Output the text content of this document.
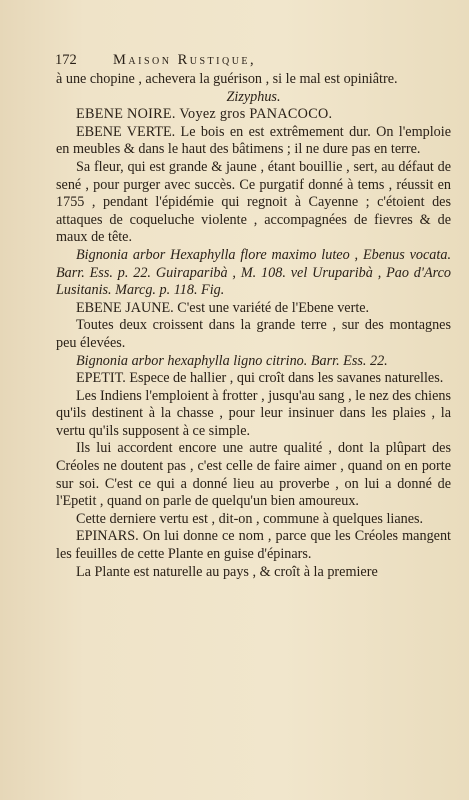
172	Maison Rustique,

à une chopine , achevera la guérison , si le mal est opiniâtre.

Zizyphus.

EBENE NOIRE. Voyez gros PANACOCO.

EBENE VERTE. Le bois en est extrêmement dur. On l'emploie en meubles & dans le haut des bâtimens ; il ne dure pas en terre.

Sa fleur, qui est grande & jaune , étant bouillie , sert, au défaut de sené , pour purger avec succès. Ce purgatif donné à tems , réussit en 1755 , pendant l'épidémie qui regnoit à Cayenne ; c'étoient des attaques de coqueluche violente , accompagnées de fievres & de maux de tête.

Bignonia arbor Hexaphylla flore maximo luteo , Ebenus vocata. Barr. Ess. p. 22. Guiraparibà , M. 108. vel Uruparibà , Pao d'Arco Lusitanis. Marcg. p. 118. Fig.

EBENE JAUNE. C'est une variété de l'Ebene verte.

Toutes deux croissent dans la grande terre , sur des montagnes peu élevées.

Bignonia arbor hexaphylla ligno citrino. Barr. Ess. 22.

EPETIT. Espece de hallier , qui croît dans les savanes naturelles.

Les Indiens l'emploient à frotter , jusqu'au sang , le nez des chiens qu'ils destinent à la chasse , pour leur insinuer dans les plaies , la vertu qu'ils supposent à ce simple.

Ils lui accordent encore une autre qualité , dont la plûpart des Créoles ne doutent pas , c'est celle de faire aimer , quand on en porte sur soi. C'est ce qui a donné lieu au proverbe , on lui a donné de l'Epetit , quand on parle de quelqu'un bien amoureux.

Cette derniere vertu est , dit-on , commune à quelques lianes.

EPINARS. On lui donne ce nom , parce que les Créoles mangent les feuilles de cette Plante en guise d'épinars.

La Plante est naturelle au pays , & croît à la premiere
